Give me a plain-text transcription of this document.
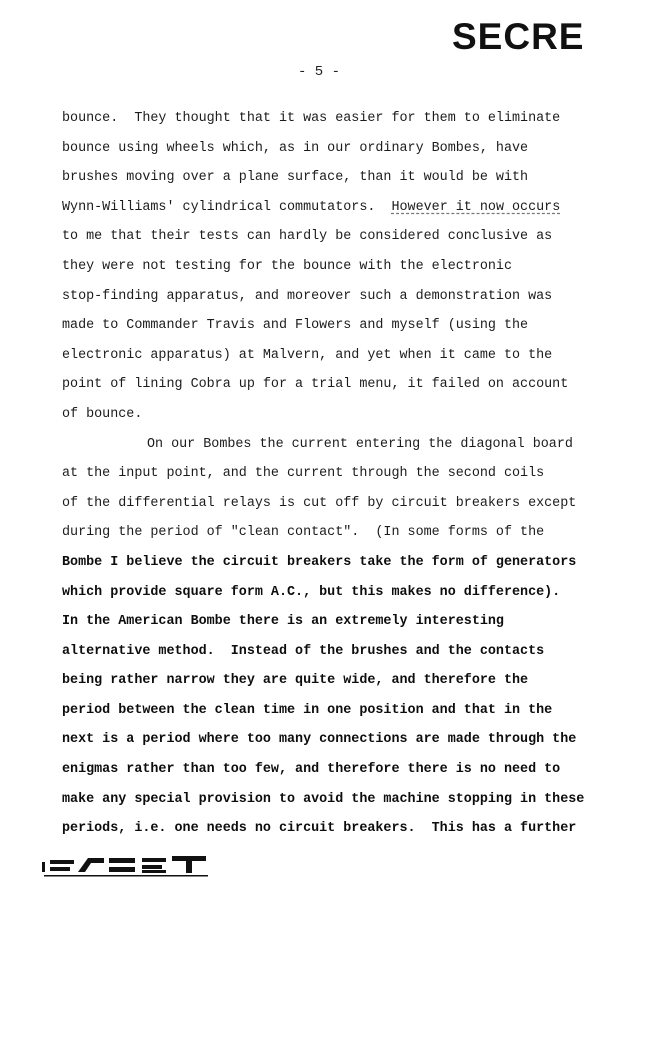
SECRE
- 5 -
bounce.  They thought that it was easier for them to eliminate
bounce using wheels which, as in our ordinary Bombes, have
brushes moving over a plane surface, than it would be with
Wynn-Williams' cylindrical commutators. However it now occurs
to me that their tests can hardly be considered conclusive as
they were not testing for the bounce with the electronic
stop-finding apparatus, and moreover such a demonstration was
made to Commander Travis and Flowers and myself (using the
electronic apparatus) at Malvern, and yet when it came to the
point of lining Cobra up for a trial menu, it failed on account
of bounce.
On our Bombes the current entering the diagonal board
at the input point, and the current through the second coils
of the differential relays is cut off by circuit breakers except
during the period of "clean contact".  (In some forms of the
Bombe I believe the circuit breakers take the form of generators
which provide square form A.C., but this makes no difference).
In the American Bombe there is an extremely interesting
alternative method.  Instead of the brushes and the contacts
being rather narrow they are quite wide, and therefore the
period between the clean time in one position and that in the
next is a period where too many connections are made through the
enigmas rather than too few, and therefore there is no need to
make any special provision to avoid the machine stopping in these
periods, i.e. one needs no circuit breakers.  This has a further
SECRET
